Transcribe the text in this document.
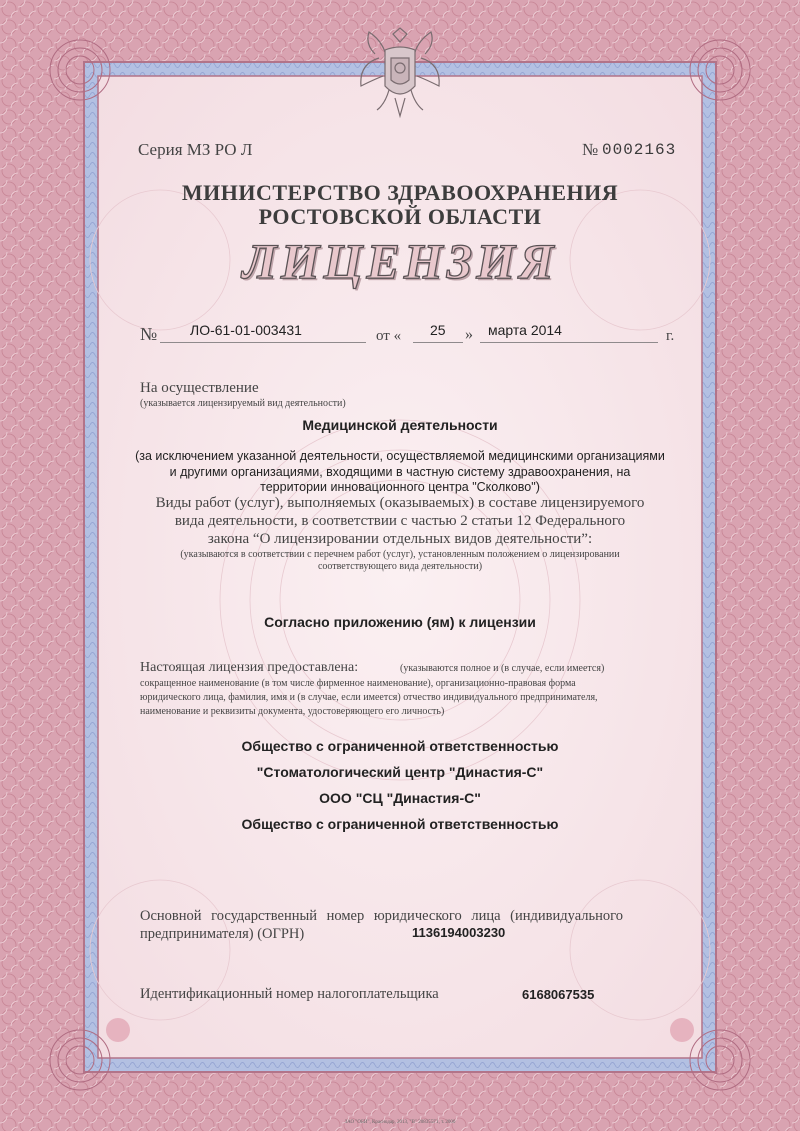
Серия МЗ РО Л	№ 0002163
МИНИСТЕРСТВО ЗДРАВООХРАНЕНИЯ
РОСТОВСКОЙ ОБЛАСТИ
ЛИЦЕНЗИЯ
№ ЛО-61-01-003431	от « 25 » марта 2014	г.
На осуществление
(указывается лицензируемый вид деятельности)
Медицинской деятельности
(за исключением указанной деятельности, осуществляемой медицинскими организациями
и другими организациями, входящими в частную систему здравоохранения, на
территории инновационного центра "Сколково")
Виды работ (услуг), выполняемых (оказываемых) в составе лицензируемого
вида деятельности, в соответствии с частью 2 статьи 12 Федерального
закона “О лицензировании отдельных видов деятельности”:
(указываются в соответствии с перечнем работ (услуг), установленным положением о лицензировании
соответствующего вида деятельности)
Согласно приложению (ям) к лицензии
Настоящая лицензия предоставлена:	(указываются полное и (в случае, если имеется)
сокращенное наименование (в том числе фирменное наименование), организационно-правовая форма
юридического лица, фамилия, имя и (в случае, если имеется) отчество индивидуального предпринимателя,
наименование и реквизиты документа, удостоверяющего его личность)
Общество с ограниченной ответственностью
"Стоматологический центр "Династия-С"
ООО "СЦ "Династия-С"
Общество с ограниченной ответственностью
Основной государственный номер юридического лица (индивидуального
предпринимателя) (ОГРН)	1136194003230
Идентификационный номер налогоплательщика	6168067535
ЗАО "ОБИ", Краснодар, 2013, "В" 208355Г1, т. 2000
